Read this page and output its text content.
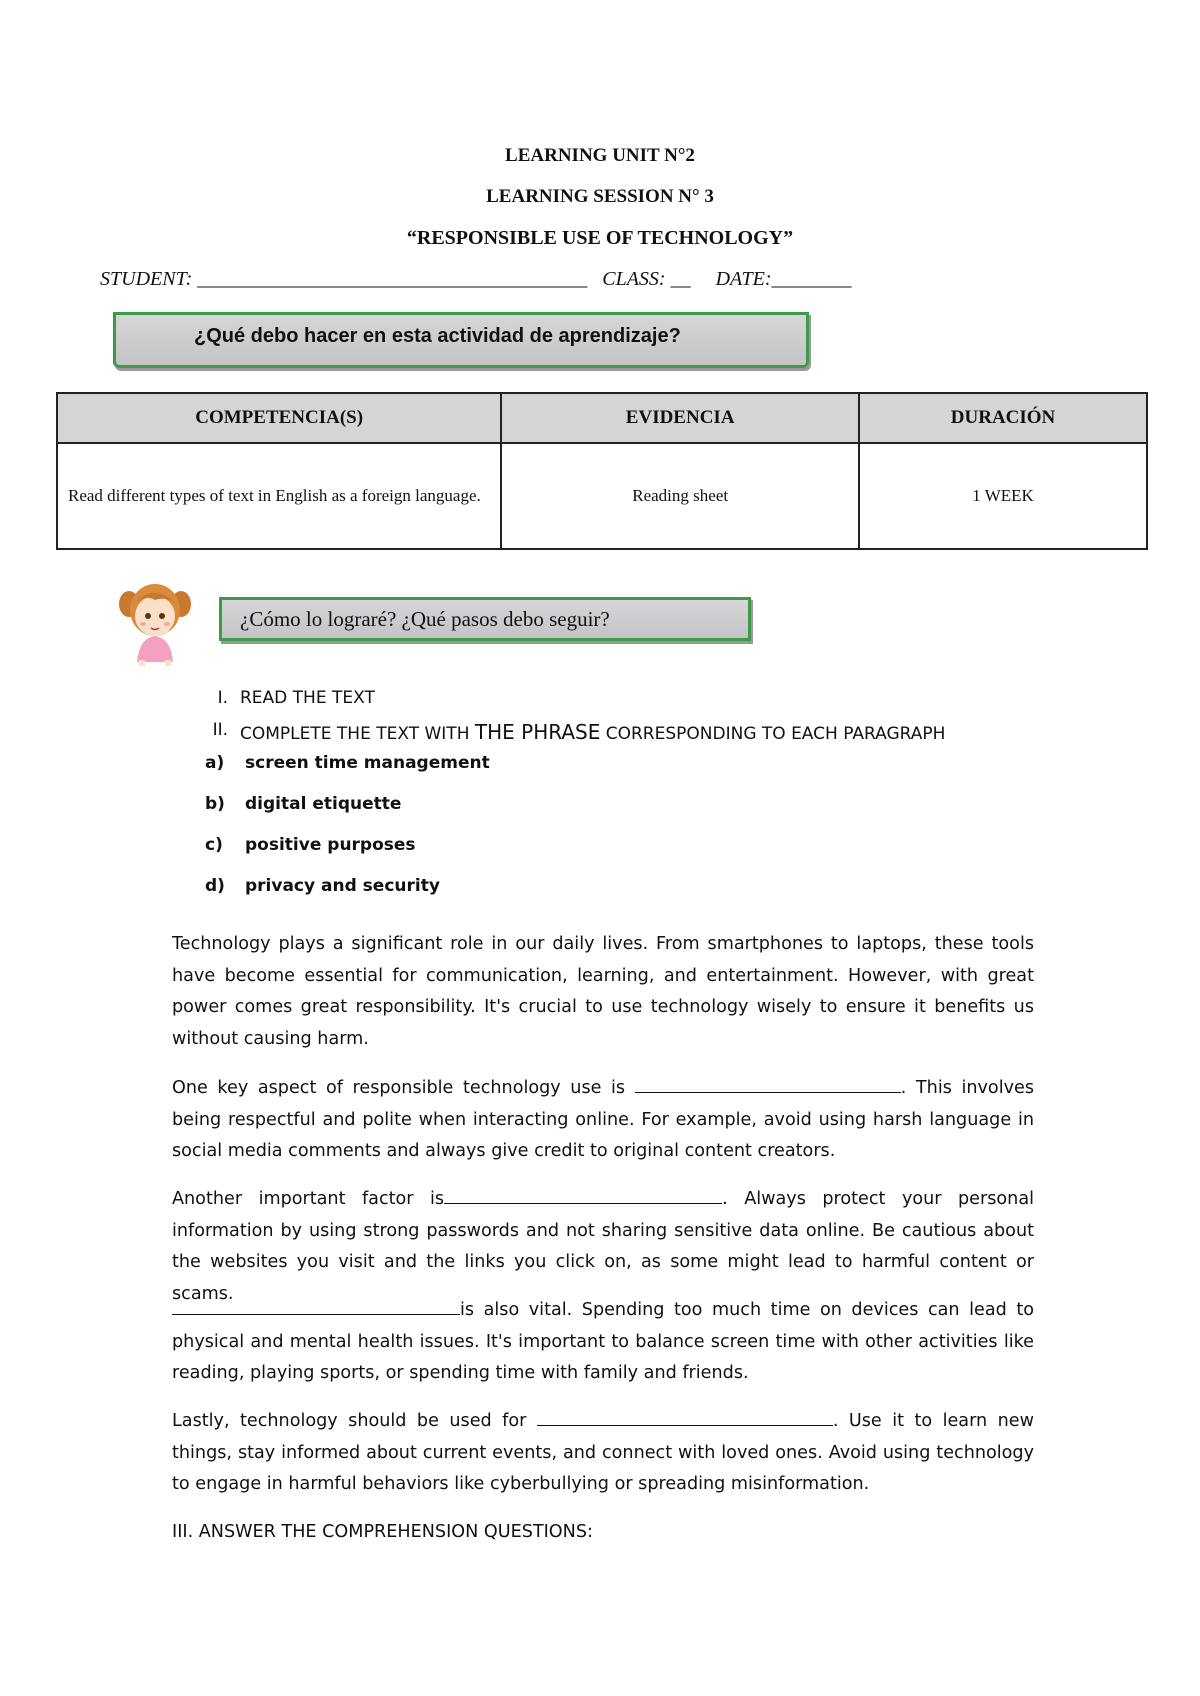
LEARNING UNIT N°2
LEARNING SESSION N° 3
“RESPONSIBLE USE OF TECHNOLOGY”
STUDENT: _______________________________________   CLASS: __     DATE:________
¿Qué debo hacer en esta actividad de aprendizaje?
COMPETENCIA(S)	EVIDENCIA	DURACIÓN
Read different types of text in English as a foreign language.	Reading sheet	1 WEEK
¿Cómo lo lograré? ¿Qué pasos debo seguir?
I. READ THE TEXT
II. COMPLETE THE TEXT WITH THE PHRASE CORRESPONDING TO EACH PARAGRAPH
a) screen time management
b) digital etiquette
c) positive purposes
d) privacy and security
Technology plays a significant role in our daily lives. From smartphones to laptops, these tools have become essential for communication, learning, and entertainment. However, with great power comes great responsibility. It's crucial to use technology wisely to ensure it benefits us without causing harm.
One key aspect of responsible technology use is	. This involves being respectful and polite when interacting online. For example, avoid using harsh language in social media comments and always give credit to original content creators.
Another important factor is	. Always protect your personal information by using strong passwords and not sharing sensitive data online. Be cautious about the websites you visit and the links you click on, as some might lead to harmful content or scams.
is also vital. Spending too much time on devices can lead to physical and mental health issues. It's important to balance screen time with other activities like reading, playing sports, or spending time with family and friends.
Lastly, technology should be used for	. Use it to learn new things, stay informed about current events, and connect with loved ones. Avoid using technology to engage in harmful behaviors like cyberbullying or spreading misinformation.
III. ANSWER THE COMPREHENSION QUESTIONS:
